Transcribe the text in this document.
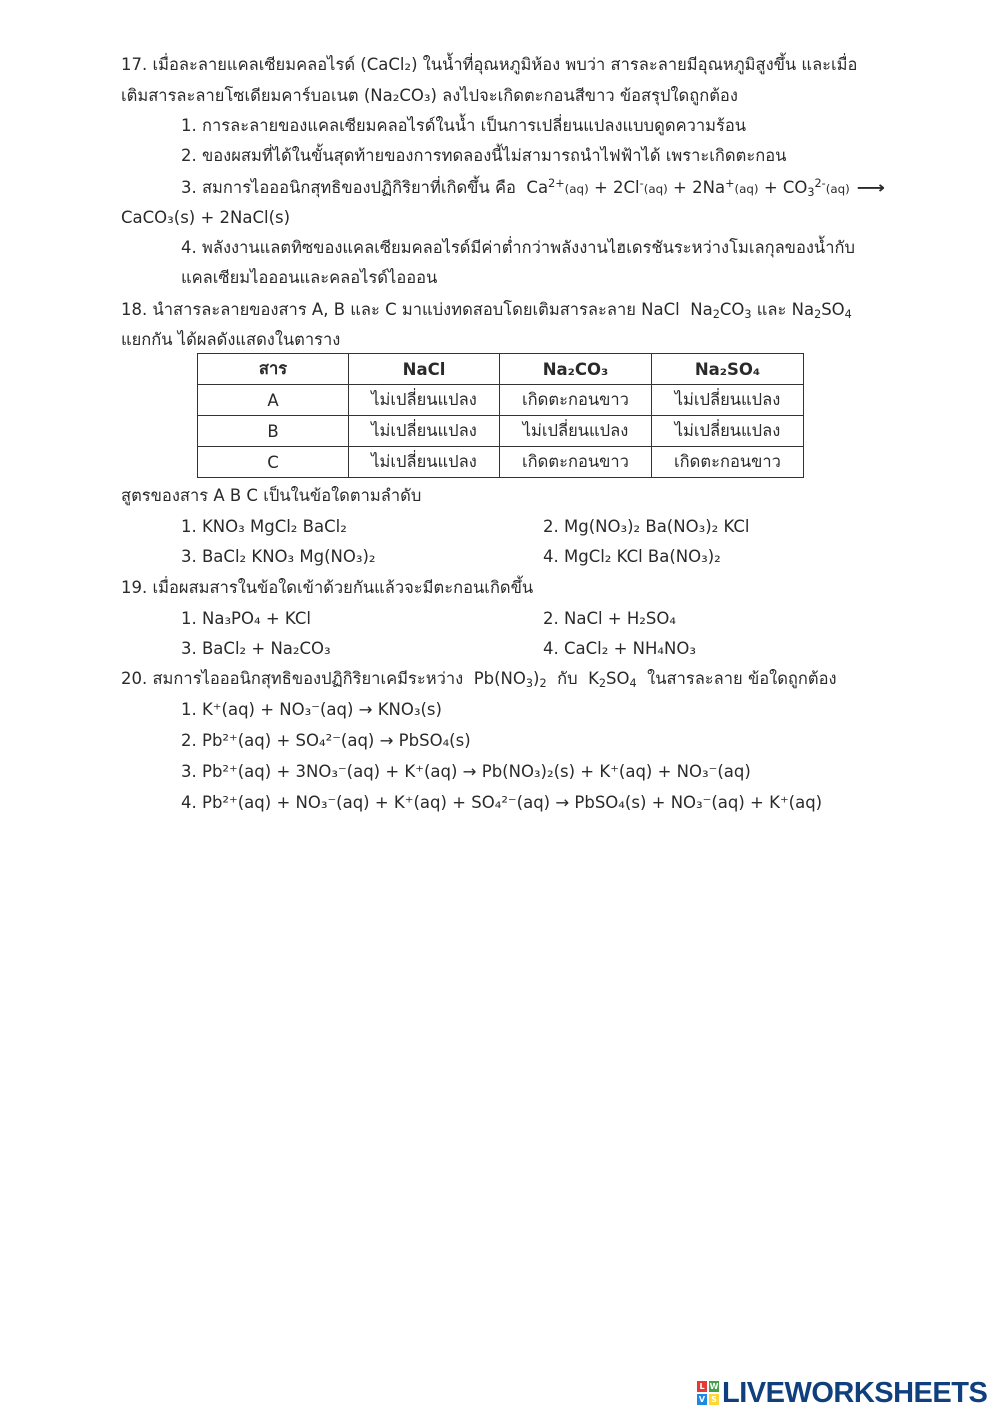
17. เมื่อละลายแคลเซียมคลอไรด์ (CaCl₂) ในน้ำที่อุณหภูมิห้อง พบว่า สารละลายมีอุณหภูมิสูงขึ้น และเมื่อ
เติมสารละลายโซเดียมคาร์บอเนต (Na₂CO₃) ลงไปจะเกิดตะกอนสีขาว ข้อสรุปใดถูกต้อง
1. การละลายของแคลเซียมคลอไรด์ในน้ำ เป็นการเปลี่ยนแปลงแบบดูดความร้อน
2. ของผสมที่ได้ในขั้นสุดท้ายของการทดลองนี้ไม่สามารถนำไฟฟ้าได้ เพราะเกิดตะกอน
3. สมการไอออนิกสุทธิของปฏิกิริยาที่เกิดขึ้น คือ  $Ca^{2+}(aq) + 2Cl^-(aq) + 2Na^+(aq) + CO_3^{2-}(aq)$ ⟶
CaCO₃(s) + 2NaCl(s)
4. พลังงานแลตทิซของแคลเซียมคลอไรด์มีค่าต่ำกว่าพลังงานไฮเดรชันระหว่างโมเลกุลของน้ำกับ
แคลเซียมไอออนและคลอไรด์ไอออน
18. นำสารละลายของสาร A, B และ C มาแบ่งทดสอบโดยเติมสารละลาย NaCl  $Na_2CO_3$ และ $Na_2SO_4$
แยกกัน ได้ผลดังแสดงในตาราง
สาร	NaCl	Na₂CO₃	Na₂SO₄
A	ไม่เปลี่ยนแปลง	เกิดตะกอนขาว	ไม่เปลี่ยนแปลง
B	ไม่เปลี่ยนแปลง	ไม่เปลี่ยนแปลง	ไม่เปลี่ยนแปลง
C	ไม่เปลี่ยนแปลง	เกิดตะกอนขาว	เกิดตะกอนขาว
สูตรของสาร A B C เป็นในข้อใดตามลำดับ
1. KNO₃ MgCl₂ BaCl₂	2. Mg(NO₃)₂ Ba(NO₃)₂ KCl
3. BaCl₂ KNO₃ Mg(NO₃)₂	4. MgCl₂ KCl Ba(NO₃)₂
19. เมื่อผสมสารในข้อใดเข้าด้วยกันแล้วจะมีตะกอนเกิดขึ้น
1. Na₃PO₄ + KCl	2. NaCl + H₂SO₄
3. BaCl₂ + Na₂CO₃	4. CaCl₂ + NH₄NO₃
20. สมการไอออนิกสุทธิของปฏิกิริยาเคมีระหว่าง  $Pb(NO_3)_2$ กับ  $K_2SO_4$ ในสารละลาย ข้อใดถูกต้อง
1. K⁺(aq) + NO₃⁻(aq) → KNO₃(s)
2. Pb²⁺(aq) + SO₄²⁻(aq) → PbSO₄(s)
3. Pb²⁺(aq) + 3NO₃⁻(aq) + K⁺(aq) → Pb(NO₃)₂(s) + K⁺(aq) + NO₃⁻(aq)
4. Pb²⁺(aq) + NO₃⁻(aq) + K⁺(aq) + SO₄²⁻(aq) → PbSO₄(s) + NO₃⁻(aq) + K⁺(aq)
L W
V S LIVEWORKSHEETS
